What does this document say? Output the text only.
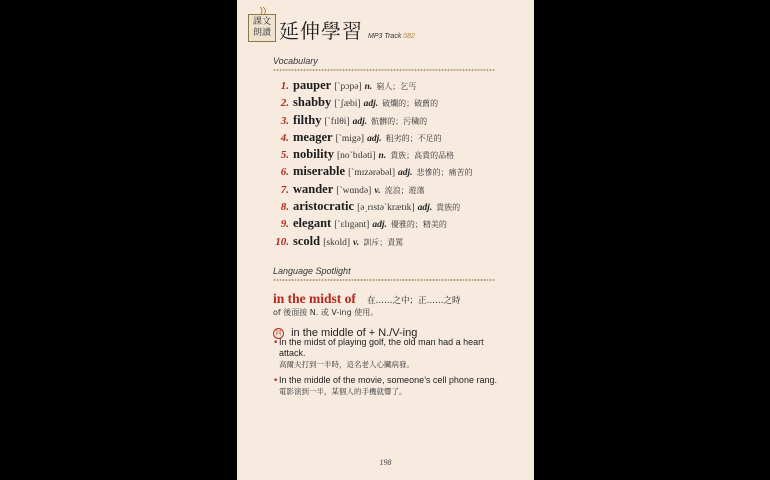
課文
朗讀 延伸學習 MP3 Track 082
Vocabulary
1. pauper [ˋpɔpə] n. 窮人；乞丐
2. shabby [ˋʃæbi] adj. 破爛的；破舊的
3. filthy [ˋfɪlθi] adj. 骯髒的；污穢的
4. meager [ˋmigə] adj. 粗劣的；不足的
5. nobility [noˋbɪləti] n. 貴族；高貴的品格
6. miserable [ˋmɪzərəbəl] adj. 悲慘的；痛苦的
7. wander [ˋwɑndə] v. 流浪；遊蕩
8. aristocratic [ə͵rɪstəˋkrætɪk] adj. 貴族的
9. elegant [ˋɛlɪgənt] adj. 優雅的；精美的
10. scold [skold] v. 訓斥；責罵
Language Spotlight
in the midst of 在……之中；正……之時
of 後面接 N. 或 V-ing 使用。
同 in the middle of + N./V-ing
• In the midst of playing golf, the old man had a heart attack.
高爾夫打到一半時，這名老人心臟病發。
• In the middle of the movie, someone’s cell phone rang.
電影演到一半，某個人的手機就響了。
198
